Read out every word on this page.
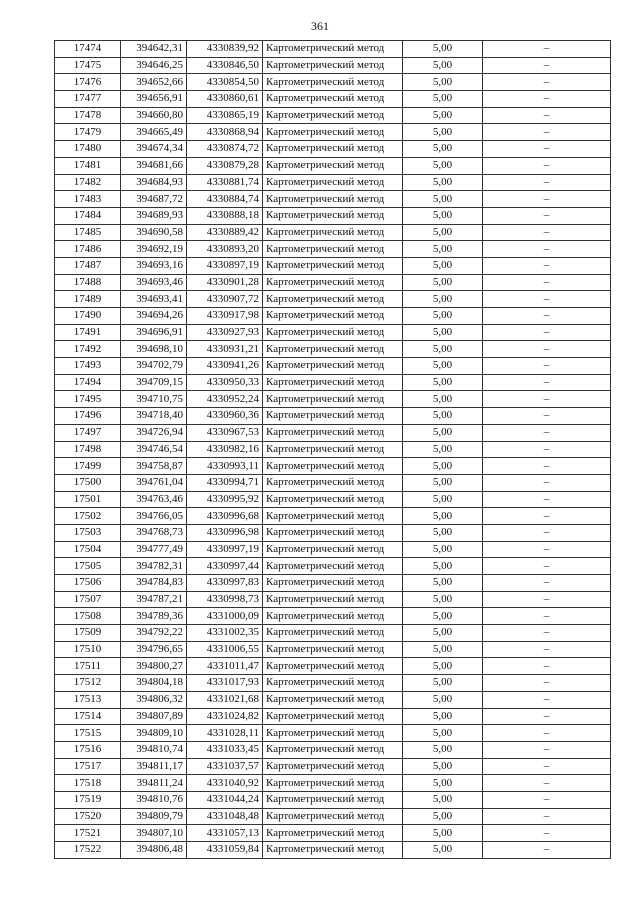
361
17474	394642,31	4330839,92	Картометрический метод	5,00	–
17475	394646,25	4330846,50	Картометрический метод	5,00	–
17476	394652,66	4330854,50	Картометрический метод	5,00	–
17477	394656,91	4330860,61	Картометрический метод	5,00	–
17478	394660,80	4330865,19	Картометрический метод	5,00	–
17479	394665,49	4330868,94	Картометрический метод	5,00	–
17480	394674,34	4330874,72	Картометрический метод	5,00	–
17481	394681,66	4330879,28	Картометрический метод	5,00	–
17482	394684,93	4330881,74	Картометрический метод	5,00	–
17483	394687,72	4330884,74	Картометрический метод	5,00	–
17484	394689,93	4330888,18	Картометрический метод	5,00	–
17485	394690,58	4330889,42	Картометрический метод	5,00	–
17486	394692,19	4330893,20	Картометрический метод	5,00	–
17487	394693,16	4330897,19	Картометрический метод	5,00	–
17488	394693,46	4330901,28	Картометрический метод	5,00	–
17489	394693,41	4330907,72	Картометрический метод	5,00	–
17490	394694,26	4330917,98	Картометрический метод	5,00	–
17491	394696,91	4330927,93	Картометрический метод	5,00	–
17492	394698,10	4330931,21	Картометрический метод	5,00	–
17493	394702,79	4330941,26	Картометрический метод	5,00	–
17494	394709,15	4330950,33	Картометрический метод	5,00	–
17495	394710,75	4330952,24	Картометрический метод	5,00	–
17496	394718,40	4330960,36	Картометрический метод	5,00	–
17497	394726,94	4330967,53	Картометрический метод	5,00	–
17498	394746,54	4330982,16	Картометрический метод	5,00	–
17499	394758,87	4330993,11	Картометрический метод	5,00	–
17500	394761,04	4330994,71	Картометрический метод	5,00	–
17501	394763,46	4330995,92	Картометрический метод	5,00	–
17502	394766,05	4330996,68	Картометрический метод	5,00	–
17503	394768,73	4330996,98	Картометрический метод	5,00	–
17504	394777,49	4330997,19	Картометрический метод	5,00	–
17505	394782,31	4330997,44	Картометрический метод	5,00	–
17506	394784,83	4330997,83	Картометрический метод	5,00	–
17507	394787,21	4330998,73	Картометрический метод	5,00	–
17508	394789,36	4331000,09	Картометрический метод	5,00	–
17509	394792,22	4331002,35	Картометрический метод	5,00	–
17510	394796,65	4331006,55	Картометрический метод	5,00	–
17511	394800,27	4331011,47	Картометрический метод	5,00	–
17512	394804,18	4331017,93	Картометрический метод	5,00	–
17513	394806,32	4331021,68	Картометрический метод	5,00	–
17514	394807,89	4331024,82	Картометрический метод	5,00	–
17515	394809,10	4331028,11	Картометрический метод	5,00	–
17516	394810,74	4331033,45	Картометрический метод	5,00	–
17517	394811,17	4331037,57	Картометрический метод	5,00	–
17518	394811,24	4331040,92	Картометрический метод	5,00	–
17519	394810,76	4331044,24	Картометрический метод	5,00	–
17520	394809,79	4331048,48	Картометрический метод	5,00	–
17521	394807,10	4331057,13	Картометрический метод	5,00	–
17522	394806,48	4331059,84	Картометрический метод	5,00	–
